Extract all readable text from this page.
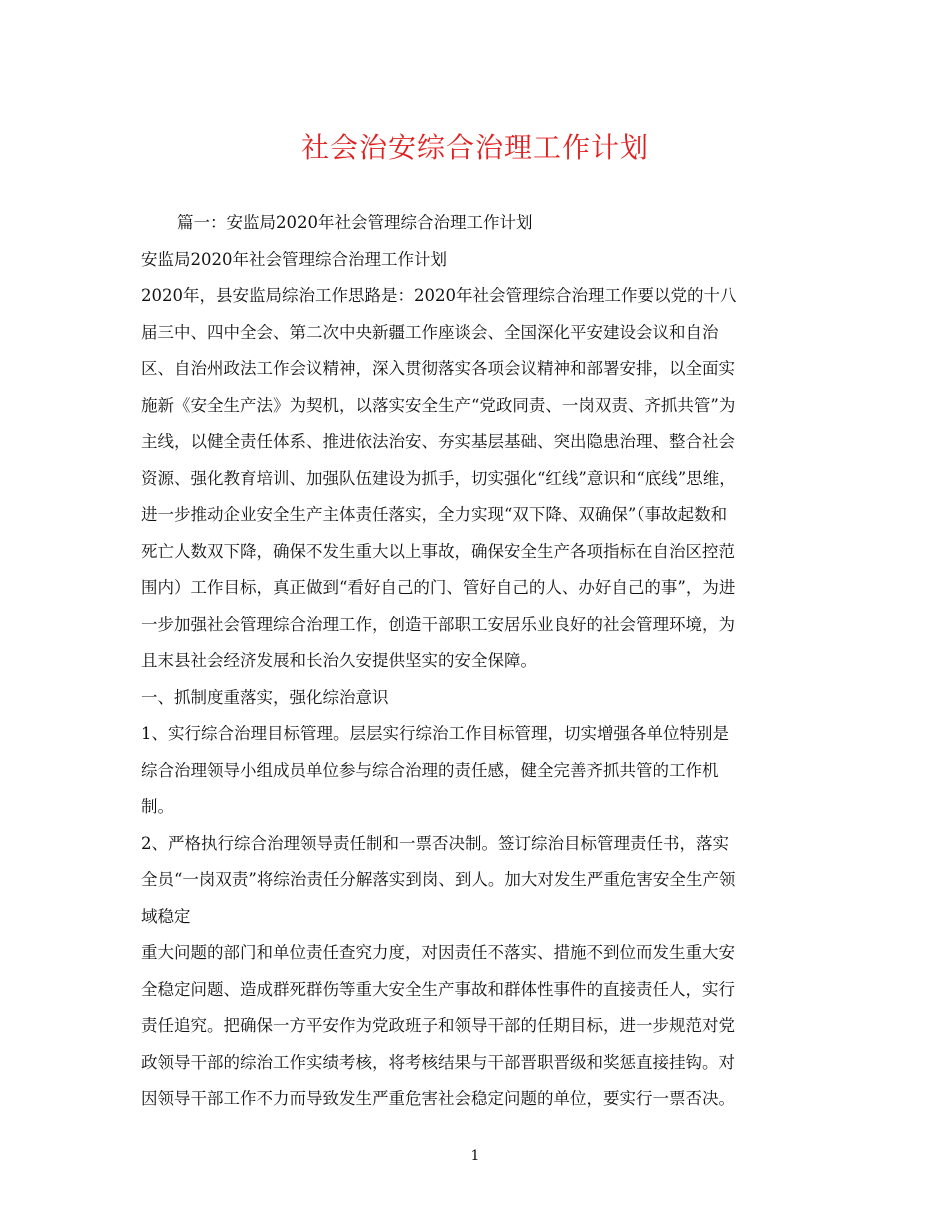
社会治安综合治理工作计划
篇一：安监局2020年社会管理综合治理工作计划
安监局2020年社会管理综合治理工作计划
2020年，县安监局综治工作思路是：2020年社会管理综合治理工作要以党的十八
届三中、四中全会、第二次中央新疆工作座谈会、全国深化平安建设会议和自治
区、自治州政法工作会议精神，深入贯彻落实各项会议精神和部署安排，以全面实
施新《安全生产法》为契机，以落实安全生产“党政同责、一岗双责、齐抓共管”为
主线，以健全责任体系、推进依法治安、夯实基层基础、突出隐患治理、整合社会
资源、强化教育培训、加强队伍建设为抓手，切实强化“红线”意识和“底线”思维，
进一步推动企业安全生产主体责任落实，全力实现“双下降、双确保”（事故起数和
死亡人数双下降，确保不发生重大以上事故，确保安全生产各项指标在自治区控范
围内）工作目标，真正做到“看好自己的门、管好自己的人、办好自己的事”，为进
一步加强社会管理综合治理工作，创造干部职工安居乐业良好的社会管理环境，为
且末县社会经济发展和长治久安提供坚实的安全保障。
一、抓制度重落实，强化综治意识
1、实行综合治理目标管理。层层实行综治工作目标管理，切实增强各单位特别是
综合治理领导小组成员单位参与综合治理的责任感，健全完善齐抓共管的工作机
制。
2、严格执行综合治理领导责任制和一票否决制。签订综治目标管理责任书，落实
全员“一岗双责”将综治责任分解落实到岗、到人。加大对发生严重危害安全生产领
域稳定
重大问题的部门和单位责任查究力度，对因责任不落实、措施不到位而发生重大安
全稳定问题、造成群死群伤等重大安全生产事故和群体性事件的直接责任人，实行
责任追究。把确保一方平安作为党政班子和领导干部的任期目标，进一步规范对党
政领导干部的综治工作实绩考核，将考核结果与干部晋职晋级和奖惩直接挂钩。对
因领导干部工作不力而导致发生严重危害社会稳定问题的单位，要实行一票否决。
1
